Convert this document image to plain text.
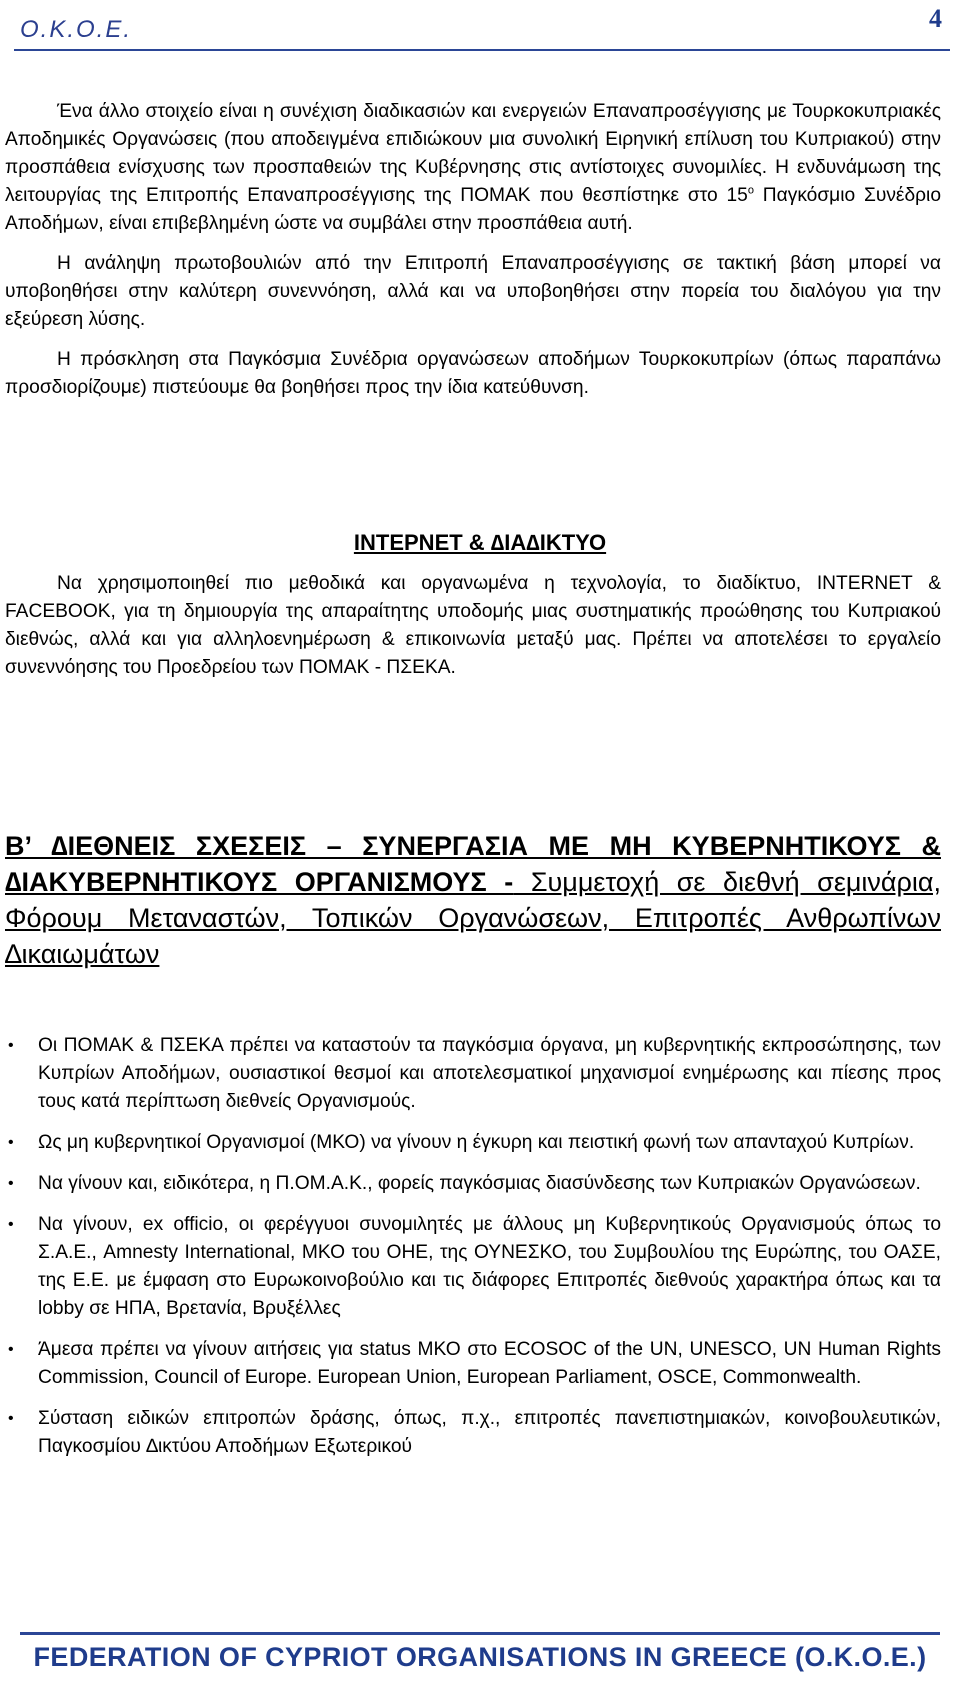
O.K.O.E.	4

Ένα άλλο στοιχείο είναι η συνέχιση διαδικασιών και ενεργειών Επαναπροσέγγισης με Τουρκοκυπριακές Αποδημικές Οργανώσεις (που αποδειγμένα επιδιώκουν μια συνολική Ειρηνική επίλυση του Κυπριακού) στην προσπάθεια ενίσχυσης των προσπαθειών της Κυβέρνησης στις αντίστοιχες συνομιλίες. Η ενδυνάμωση της λειτουργίας της Επιτροπής Επαναπροσέγγισης της ΠΟΜΑΚ που θεσπίστηκε στο $15^o$ Παγκόσμιο Συνέδριο Αποδήμων, είναι επιβεβλημένη ώστε να συμβάλει στην προσπάθεια αυτή.

Η ανάληψη πρωτοβουλιών από την Επιτροπή Επαναπροσέγγισης σε τακτική βάση μπορεί να υποβοηθήσει στην καλύτερη συνεννόηση, αλλά και να υποβοηθήσει στην πορεία του διαλόγου για την εξεύρεση λύσης.

Η πρόσκληση στα Παγκόσμια Συνέδρια οργανώσεων αποδήμων Τουρκοκυπρίων (όπως παραπάνω προσδιορίζουμε) πιστεύουμε θα βοηθήσει προς την ίδια κατεύθυνση.

ΙΝΤΕΡΝΕΤ & ∆ΙΑ∆ΙΚΤΥΟ

Να χρησιμοποιηθεί πιο μεθοδικά και οργανωμένα η τεχνολογία, το διαδίκτυο, INTERNET & FACEBOOK, για τη δημιουργία της απαραίτητης υποδομής μιας συστηματικής προώθησης του Κυπριακού διεθνώς, αλλά και για αλληλοενημέρωση & επικοινωνία μεταξύ μας. Πρέπει να αποτελέσει το εργαλείο συνεννόησης του Προεδρείου των ΠΟΜΑΚ - ΠΣΕΚΑ.

Β’ ∆ΙΕΘΝΕΙΣ ΣΧΕΣΕΙΣ – ΣΥΝΕΡΓΑΣΙΑ ΜΕ ΜΗ ΚΥΒΕΡΝΗΤΙΚΟΥΣ & ∆ΙΑΚΥΒΕΡΝΗΤΙΚΟΥΣ ΟΡΓΑΝΙΣΜΟΥΣ - Συμμετοχή σε διεθνή σεμινάρια, Φόρουμ Μεταναστών, Τοπικών Οργανώσεων, Επιτροπές Ανθρωπίνων ∆ικαιωμάτων
• Οι ΠΟΜΑΚ & ΠΣΕΚΑ πρέπει να καταστούν τα παγκόσμια όργανα, μη κυβερνητικής εκπροσώπησης, των Κυπρίων Αποδήμων, ουσιαστικοί θεσμοί και αποτελεσματικοί μηχανισμοί ενημέρωσης και πίεσης προς τους κατά περίπτωση διεθνείς Οργανισμούς.
• Ως μη κυβερνητικοί Οργανισμοί (ΜΚΟ) να γίνουν η έγκυρη και πειστική φωνή των απανταχού Κυπρίων.
• Να γίνουν και, ειδικότερα, η Π.ΟΜ.Α.Κ., φορείς παγκόσμιας διασύνδεσης των Κυπριακών Οργανώσεων.
• Να γίνουν, ex officio, οι φερέγγυοι συνομιλητές με άλλους μη Κυβερνητικούς Οργανισμούς όπως το Σ.Α.Ε., Amnesty International, ΜΚΟ του ΟΗΕ, της ΟΥΝΕΣΚΟ, του Συμβουλίου της Ευρώπης, του ΟΑΣΕ, της Ε.Ε. με έμφαση στο Ευρωκοινοβούλιο και τις διάφορες Επιτροπές διεθνούς χαρακτήρα όπως και τα lobby σε ΗΠΑ, Βρετανία, Βρυξέλλες
• Άμεσα πρέπει να γίνουν αιτήσεις για status ΜΚΟ στο ECOSOC of the UN, UNESCO, UN Human Rights Commission, Council of Europe. European Union, European Parliament, OSCE, Commonwealth.
• Σύσταση ειδικών επιτροπών δράσης, όπως, π.χ., επιτροπές πανεπιστημιακών, κοινοβουλευτικών, Παγκοσμίου ∆ικτύου Αποδήμων Εξωτερικού
FEDERATION OF CYPRIOT ORGANISATIONS IN GREECE (O.K.O.E.)
